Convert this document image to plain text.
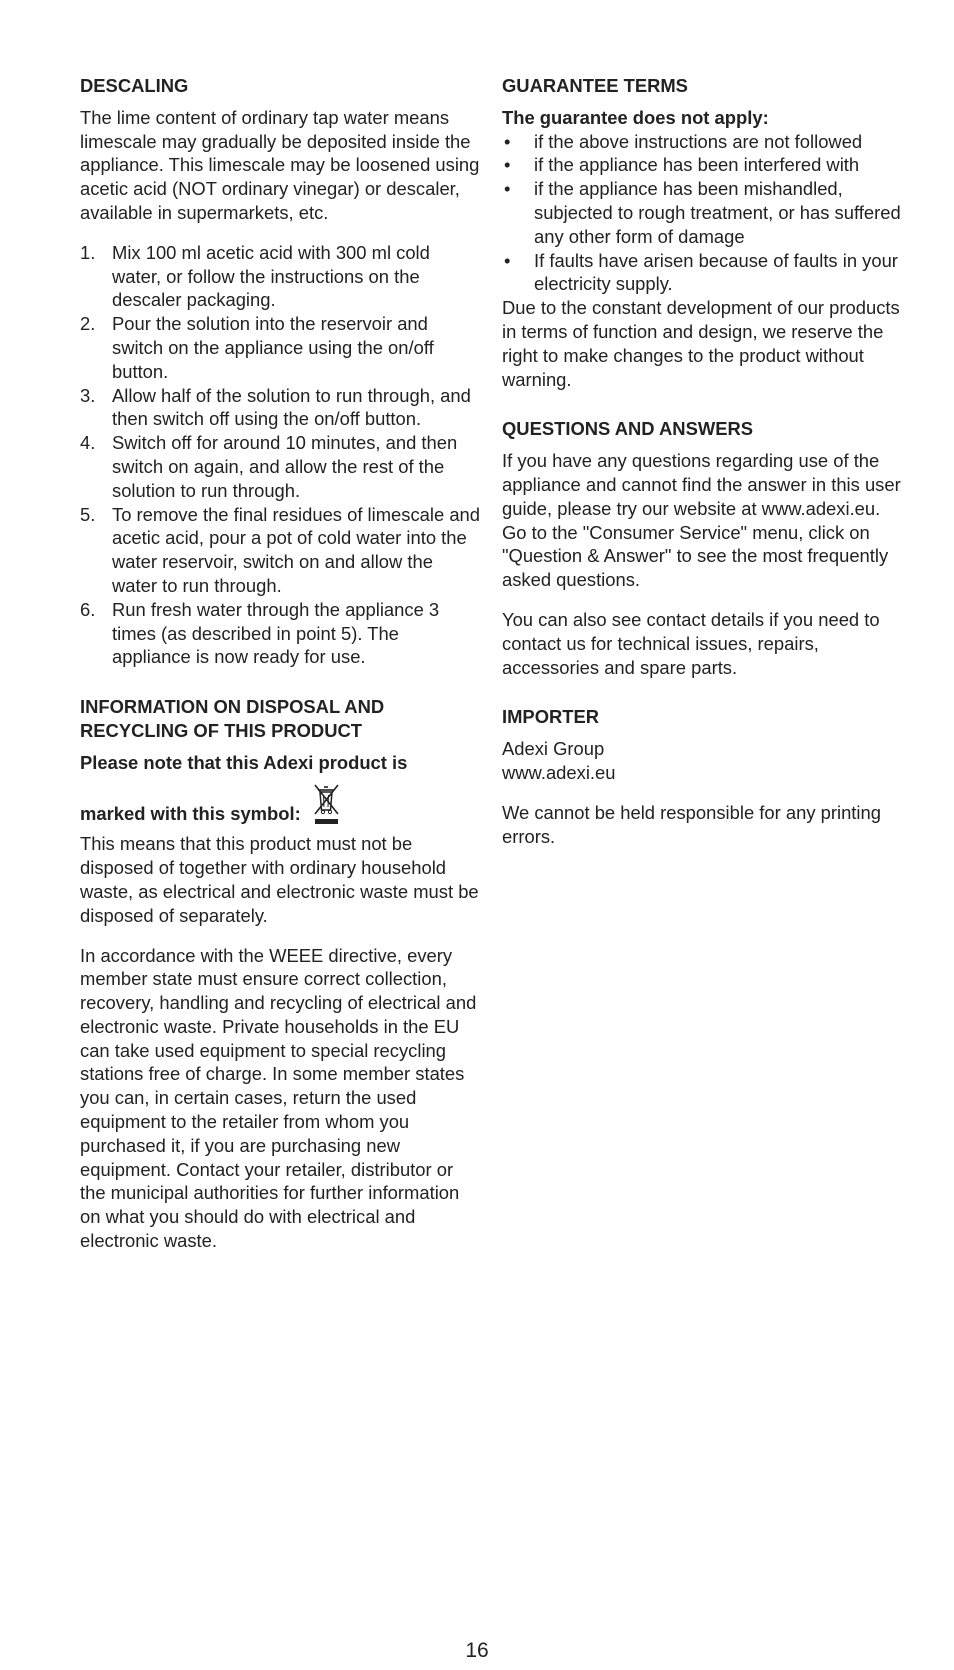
DESCALING

The lime content of ordinary tap water means limescale may gradually be deposited inside the appliance. This limescale may be loosened using acetic acid (NOT ordinary vinegar) or descaler, available in supermarkets, etc.

1. Mix 100 ml acetic acid with 300 ml cold water, or follow the instructions on the descaler packaging.
2. Pour the solution into the reservoir and switch on the appliance using the on/off button.
3. Allow half of the solution to run through, and then switch off using the on/off button.
4. Switch off for around 10 minutes, and then switch on again, and allow the rest of the solution to run through.
5. To remove the final residues of limescale and acetic acid, pour a pot of cold water into the water reservoir, switch on and allow the water to run through.
6. Run fresh water through the appliance 3 times (as described in point 5). The appliance is now ready for use.
INFORMATION ON DISPOSAL AND
RECYCLING OF THIS PRODUCT

Please note that this Adexi product is

marked with this symbol:

This means that this product must not be disposed of together with ordinary household waste, as electrical and electronic waste must be disposed of separately.

In accordance with the WEEE directive, every member state must ensure correct collection, recovery, handling and recycling of electrical and electronic waste. Private households in the EU can take used equipment to special recycling stations free of charge. In some member states you can, in certain cases, return the used equipment to the retailer from whom you purchased it, if you are purchasing new equipment. Contact your retailer, distributor or the municipal authorities for further information on what you should do with electrical and electronic waste.

GUARANTEE TERMS

The guarantee does not apply:

• if the above instructions are not followed
• if the appliance has been interfered with
• if the appliance has been mishandled, subjected to rough treatment, or has suffered any other form of damage
• If faults have arisen because of faults in your electricity supply.

Due to the constant development of our products in terms of function and design, we reserve the right to make changes to the product without warning.

QUESTIONS AND ANSWERS

If you have any questions regarding use of the appliance and cannot find the answer in this user guide, please try our website at www.adexi.eu.

Go to the "Consumer Service" menu, click on "Question & Answer" to see the most frequently asked questions.

You can also see contact details if you need to contact us for technical issues, repairs, accessories and spare parts.

IMPORTER

Adexi Group

www.adexi.eu

We cannot be held responsible for any printing errors.

16
